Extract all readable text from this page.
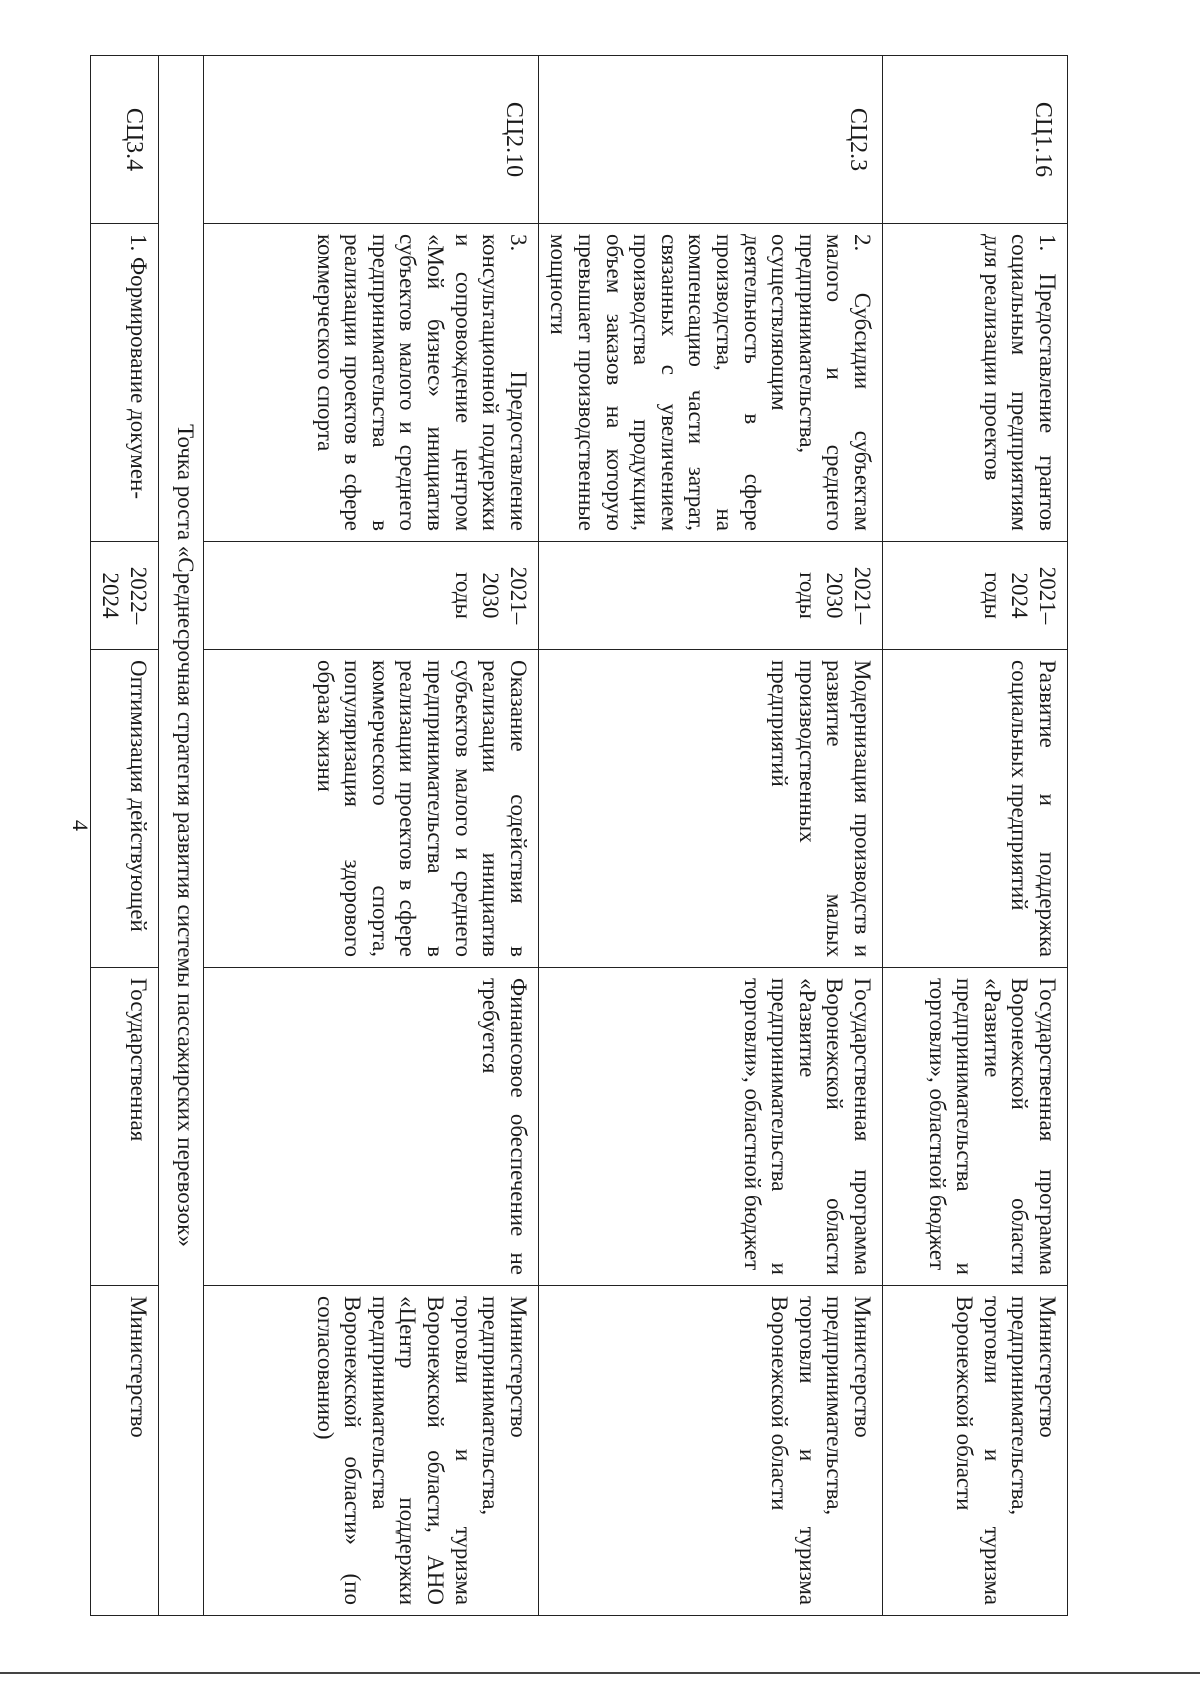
4
СЦ1.16	1. Предоставление грантов социальным предприятиям для реализации проектов	2021–2024 годы	Развитие и поддержка социальных предприятий	Государственная программа Воронежской области «Развитие предпринимательства и торговли», областной бюджет	Министерство предпринимательства, торговли и туризма Воронежской области
СЦ2.3	2. Субсидии субъектам малого и среднего предпринимательства, осуществляющим деятельность в сфере производства, на компенсацию части затрат, связанных с увеличением производства продукции, объем заказов на которую превышает производственные мощности	2021–2030 годы	Модернизация производств и развитие малых производственных предприятий	Государственная программа Воронежской области «Развитие предпринимательства и торговли», областной бюджет	Министерство предпринимательства, торговли и туризма Воронежской области
СЦ2.10	3. Предоставление консультационной поддержки и сопровождение центром «Мой бизнес» инициатив субъектов малого и среднего предпринимательства в реализации проектов в сфере коммерческого спорта	2021–2030 годы	Оказание содействия в реализации инициатив субъектов малого и среднего предпринимательства в реализации проектов в сфере коммерческого спорта, популяризация здорового образа жизни	Финансовое обеспечение не требуется	Министерство предпринимательства, торговли и туризма Воронежской области, АНО «Центр поддержки предпринимательства Воронежской области» (по согласованию)
Точка роста «Среднесрочная стратегия развития системы пассажирских перевозок»					
СЦ3.4	1. Формирование докумен-	2022–2024	Оптимизация действующей	Государственная	Министерство
